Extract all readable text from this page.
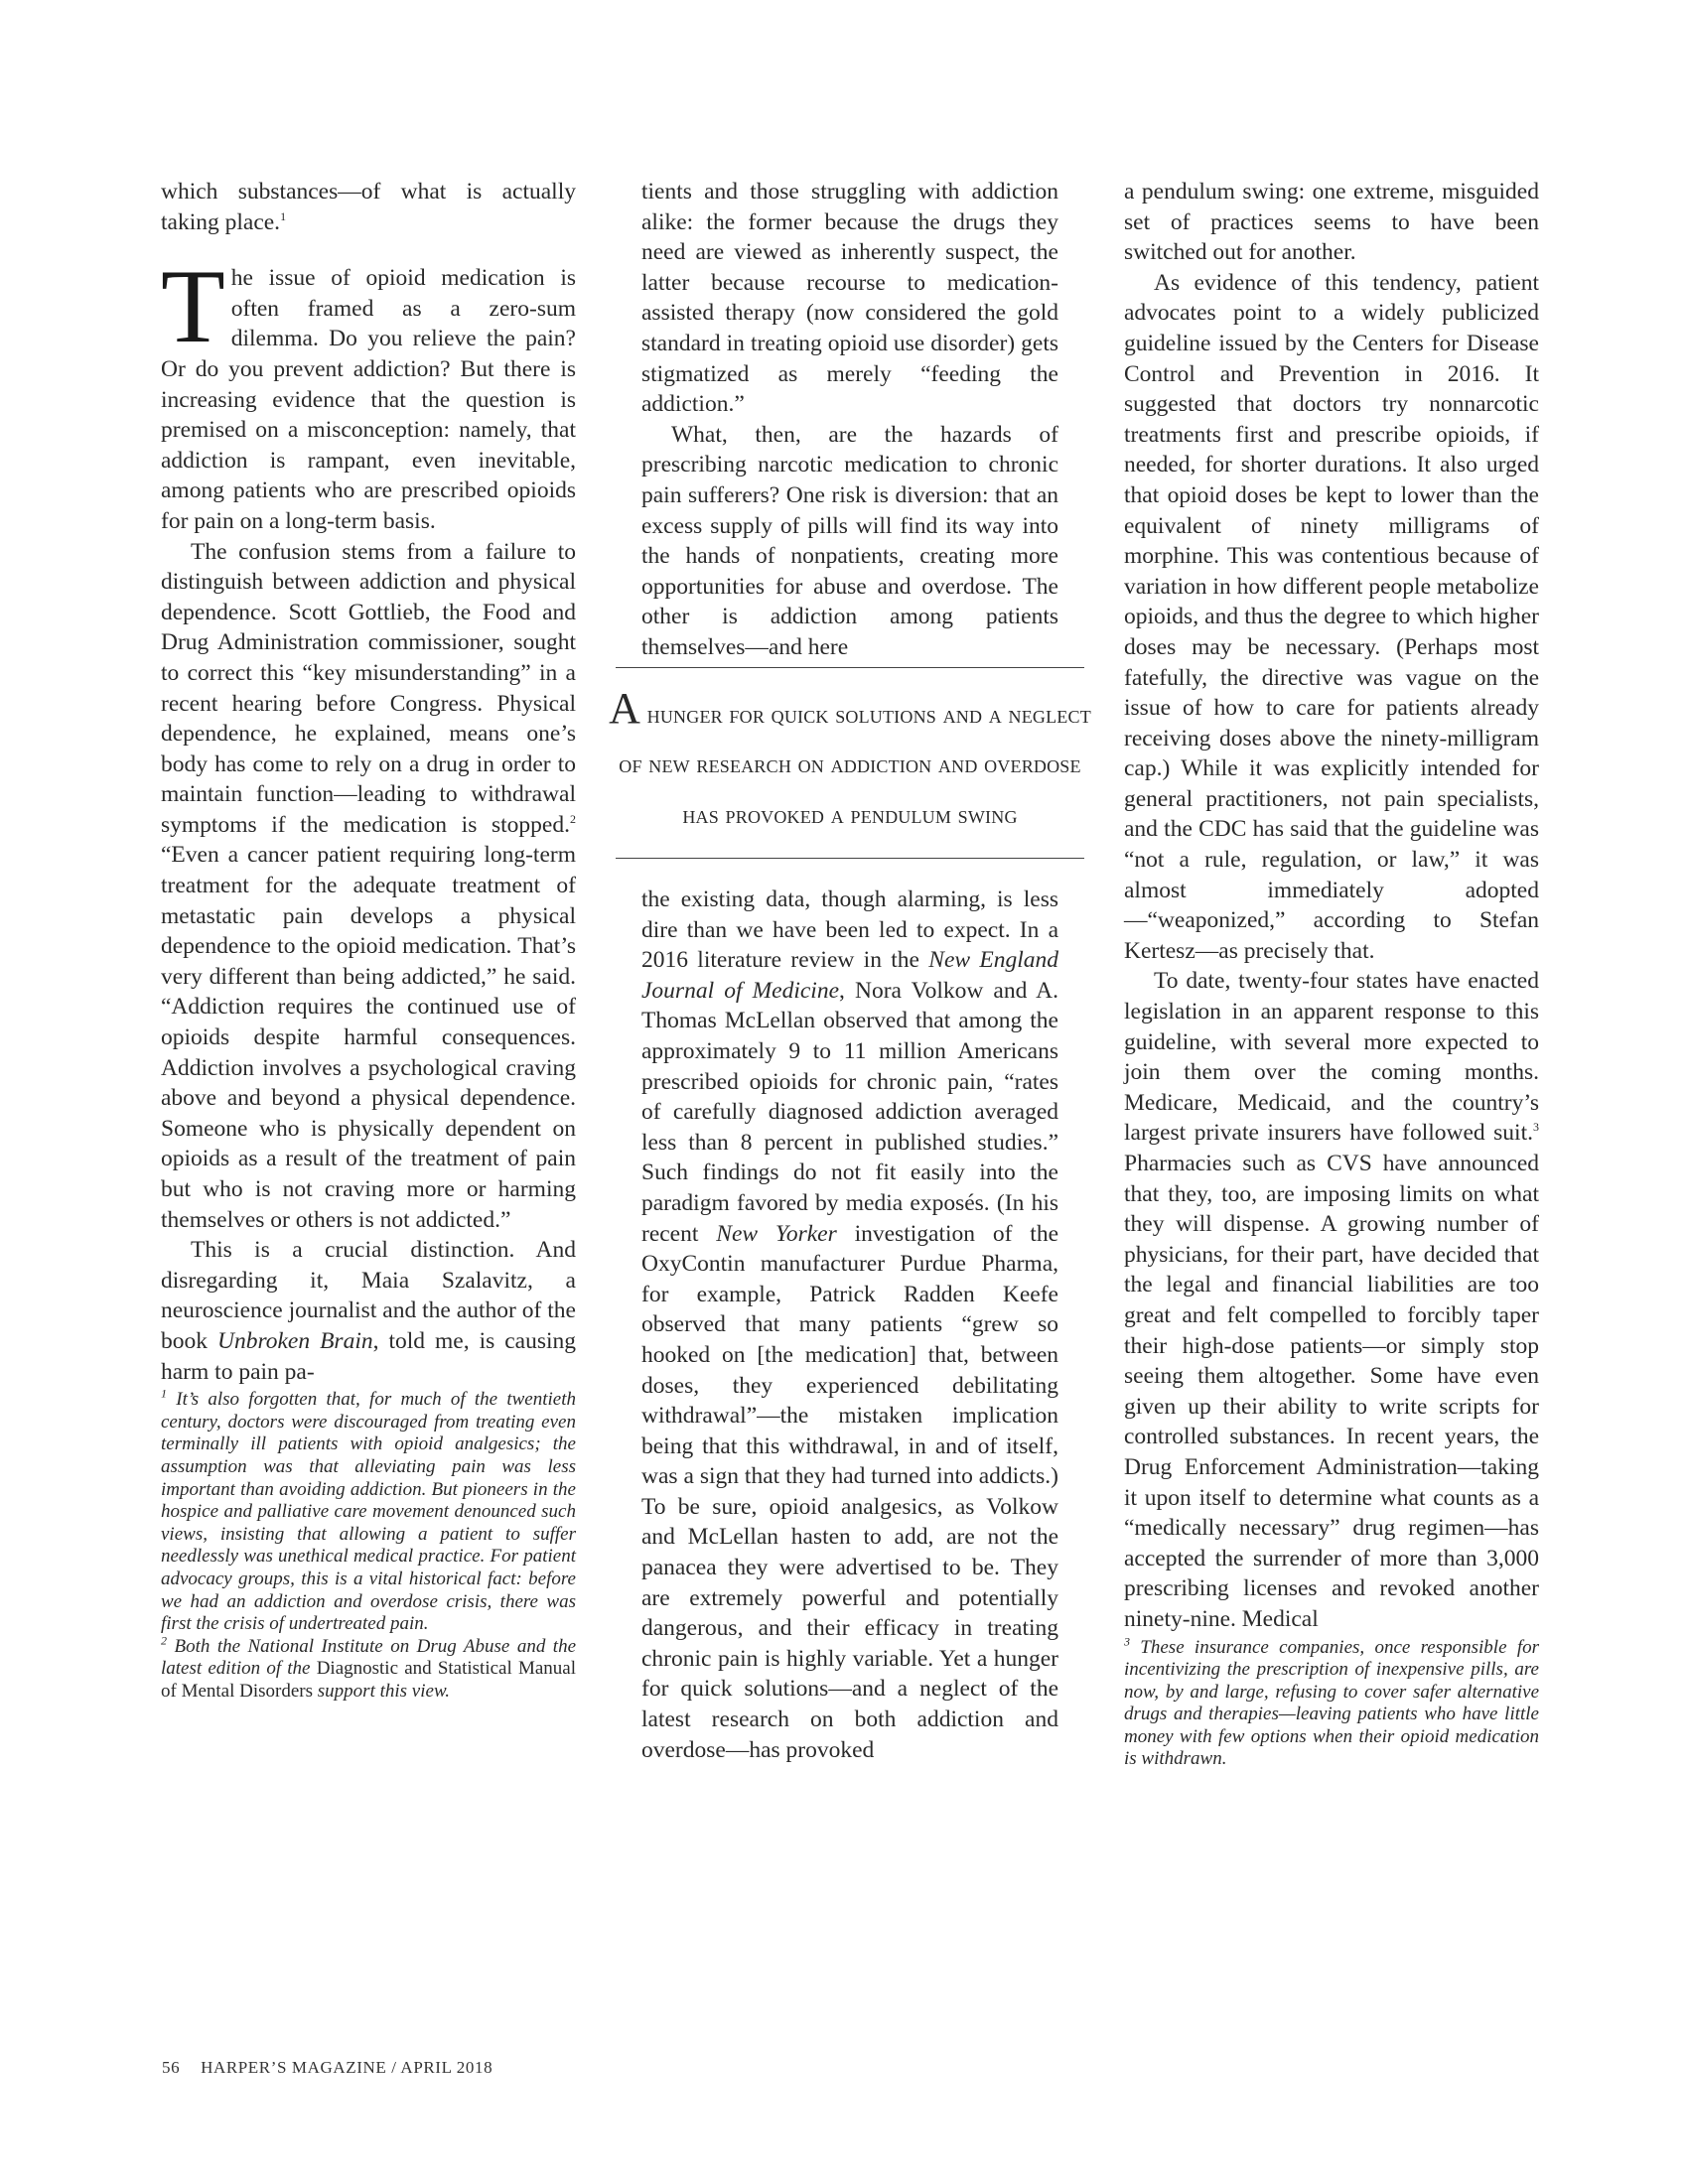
which substances—of what is actually taking place.$^1$

The issue of opioid medication is often framed as a zero-sum dilemma. Do you relieve the pain? Or do you prevent addiction? But there is increasing evidence that the question is premised on a misconception: namely, that addiction is rampant, even inevitable, among patients who are prescribed opioids for pain on a long-term basis.

The confusion stems from a failure to distinguish between addiction and physical dependence. Scott Gottlieb, the Food and Drug Administration commissioner, sought to correct this “key misunderstanding” in a recent hearing before Congress. Physical dependence, he explained, means one’s body has come to rely on a drug in order to maintain function—leading to withdrawal symptoms if the medication is stopped.$^2$ “Even a cancer patient requiring long-term treatment for the adequate treatment of metastatic pain develops a physical dependence to the opioid medication. That’s very different than being addicted,” he said. “Addiction requires the continued use of opioids despite harmful consequences. Addiction involves a psychological craving above and beyond a physical dependence. Someone who is physically dependent on opioids as a result of the treatment of pain but who is not craving more or harming themselves or others is not addicted.”

This is a crucial distinction. And disregarding it, Maia Szalavitz, a neuroscience journalist and the author of the book Unbroken Brain, told me, is causing harm to pain pa-

$^1$ It’s also forgotten that, for much of the twentieth century, doctors were discouraged from treating even terminally ill patients with opioid analgesics; the assumption was that alleviating pain was less important than avoiding addiction. But pioneers in the hospice and palliative care movement denounced such views, insisting that allowing a patient to suffer needlessly was unethical medical practice. For patient advocacy groups, this is a vital historical fact: before we had an addiction and overdose crisis, there was first the crisis of undertreated pain.

$^2$ Both the National Institute on Drug Abuse and the latest edition of the Diagnostic and Statistical Manual of Mental Disorders support this view.

tients and those struggling with addiction alike: the former because the drugs they need are viewed as inherently suspect, the latter because recourse to medication-assisted therapy (now considered the gold standard in treating opioid use disorder) gets stigmatized as merely “feeding the addiction.”

What, then, are the hazards of prescribing narcotic medication to chronic pain sufferers? One risk is diversion: that an excess supply of pills will find its way into the hands of nonpatients, creating more opportunities for abuse and overdose. The other is addiction among patients themselves—and here

A hunger for quick solutions and a neglect of new research on addiction and overdose has provoked a pendulum swing

the existing data, though alarming, is less dire than we have been led to expect. In a 2016 literature review in the New England Journal of Medicine, Nora Volkow and A. Thomas McLellan observed that among the approximately 9 to 11 million Americans prescribed opioids for chronic pain, “rates of carefully diagnosed addiction averaged less than 8 percent in published studies.” Such findings do not fit easily into the paradigm favored by media exposés. (In his recent New Yorker investigation of the OxyContin manufacturer Purdue Pharma, for example, Patrick Radden Keefe observed that many patients “grew so hooked on [the medication] that, between doses, they experienced debilitating withdrawal”—the mistaken implication being that this withdrawal, in and of itself, was a sign that they had turned into addicts.) To be sure, opioid analgesics, as Volkow and McLellan hasten to add, are not the panacea they were advertised to be. They are extremely powerful and potentially dangerous, and their efficacy in treating chronic pain is highly variable. Yet a hunger for quick solutions—and a neglect of the latest research on both addiction and overdose—has provoked

a pendulum swing: one extreme, misguided set of practices seems to have been switched out for another.

As evidence of this tendency, patient advocates point to a widely publicized guideline issued by the Centers for Disease Control and Prevention in 2016. It suggested that doctors try nonnarcotic treatments first and prescribe opioids, if needed, for shorter durations. It also urged that opioid doses be kept to lower than the equivalent of ninety milligrams of morphine. This was contentious because of variation in how different people metabolize opioids, and thus the degree to which higher doses may be necessary. (Perhaps most fatefully, the directive was vague on the issue of how to care for patients already receiving doses above the ninety-milligram cap.) While it was explicitly intended for general practitioners, not pain specialists, and the CDC has said that the guideline was “not a rule, regulation, or law,” it was almost immediately adopted—“weaponized,” according to Stefan Kertesz—as precisely that.

To date, twenty-four states have enacted legislation in an apparent response to this guideline, with several more expected to join them over the coming months. Medicare, Medicaid, and the country’s largest private insurers have followed suit.$^3$ Pharmacies such as CVS have announced that they, too, are imposing limits on what they will dispense. A growing number of physicians, for their part, have decided that the legal and financial liabilities are too great and felt compelled to forcibly taper their high-dose patients—or simply stop seeing them altogether. Some have even given up their ability to write scripts for controlled substances. In recent years, the Drug Enforcement Administration—taking it upon itself to determine what counts as a “medically necessary” drug regimen—has accepted the surrender of more than 3,000 prescribing licenses and revoked another ninety-nine. Medical

$^3$ These insurance companies, once responsible for incentivizing the prescription of inexpensive pills, are now, by and large, refusing to cover safer alternative drugs and therapies—leaving patients who have little money with few options when their opioid medication is withdrawn.

56 HARPER’S MAGAZINE / APRIL 2018
